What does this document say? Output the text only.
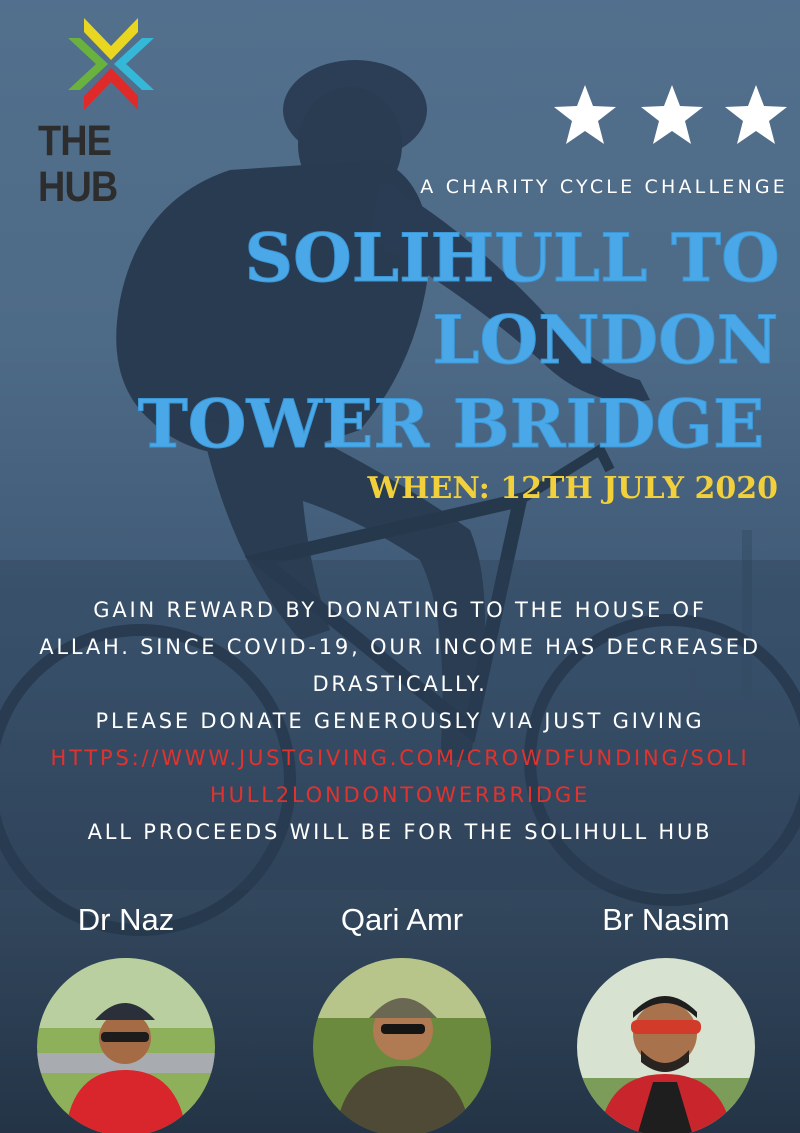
THE HUB	A CHARITY CYCLE CHALLENGE
SOLIHULL TO
LONDON
TOWER BRIDGE
WHEN: 12TH JULY 2020

GAIN REWARD BY DONATING TO THE HOUSE OF

ALLAH. SINCE COVID-19, OUR INCOME HAS DECREASED

DRASTICALLY.

PLEASE DONATE GENEROUSLY VIA JUST GIVING

HTTPS://WWW.JUSTGIVING.COM/CROWDFUNDING/SOLI

HULL2LONDONTOWERBRIDGE

ALL PROCEEDS WILL BE FOR THE SOLIHULL HUB

Dr Naz	Qari Amr	Br Nasim
